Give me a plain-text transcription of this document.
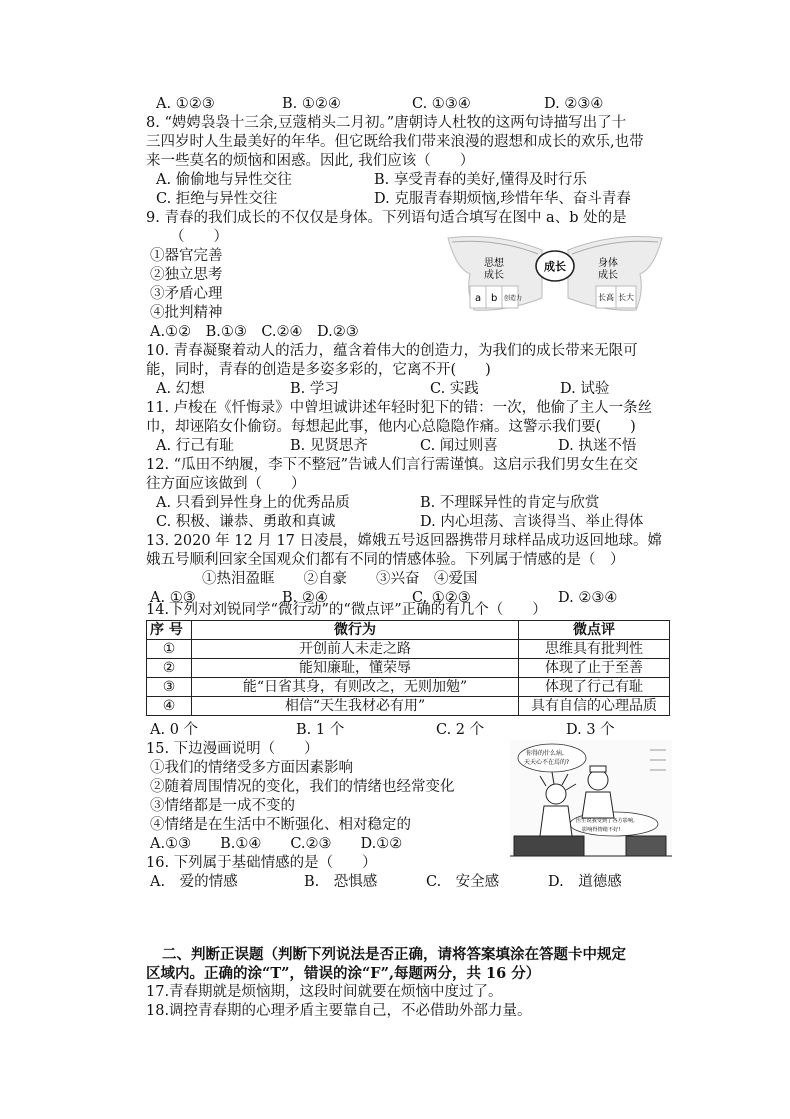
A. ①②③	B. ①②④	C. ①③④	D. ②③④
8. “娉娉袅袅十三余,豆蔻梢头二月初。”唐朝诗人杜牧的这两句诗描写出了十
三四岁时人生最美好的年华。但它既给我们带来浪漫的遐想和成长的欢乐,也带
来一些莫名的烦恼和困惑。因此, 我们应该（　　）
A. 偷偷地与异性交往	B. 享受青春的美好,懂得及时行乐
C. 拒绝与异性交往	D. 克服青春期烦恼,珍惜年华、奋斗青春
9. 青春的我们成长的不仅仅是身体。下列语句适合填写在图中 a、b 处的是
（　　）
①器官完善
②独立思考
③矛盾心理
④批判精神
A.①②　B.①③　C.②④　D.②③
成长
思想
成长
a b 创造力
身体
成长
长高 长大
10. 青春凝聚着动人的活力，蕴含着伟大的创造力，为我们的成长带来无限可
能，同时，青春的创造是多姿多彩的，它离不开(　　)
A. 幻想	B. 学习	C. 实践	D. 试验
11. 卢梭在《忏悔录》中曾坦诚讲述年轻时犯下的错：一次，他偷了主人一条丝
巾，却诬陷女仆偷窃。每想起此事，他内心总隐隐作痛。这警示我们要(　　)
A. 行己有耻	B. 见贤思齐	C. 闻过则喜	D. 执迷不悟
12. “瓜田不纳履，李下不整冠”告诫人们言行需谨慎。这启示我们男女生在交
往方面应该做到（　　）
A. 只看到异性身上的优秀品质	B. 不理睬异性的肯定与欣赏
C. 积极、谦恭、勇敢和真诚	D. 内心坦荡、言谈得当、举止得体
13. 2020 年 12 月 17 日凌晨，嫦娥五号返回器携带月球样品成功返回地球。嫦
娥五号顺利回家全国观众们都有不同的情感体验。下列属于情感的是（　）
①热泪盈眶　　②自豪　　③兴奋　④爱国
A. ①③	B. ②④	C. ①②③	D. ②③④
14.下列对刘锐同学“微行动”的“微点评”正确的有几个（　　）
序 号	微行为	微点评
①	开创前人未走之路	思维具有批判性
②	能知廉耻，懂荣辱	体现了止于至善
③	能“日省其身，有则改之，无则加勉”	体现了行己有耻
④	相信“天生我材必有用”	具有自信的心理品质
A. 0 个	B. 1 个	C. 2 个	D. 3 个
15. 下边漫画说明（　　）
①我们的情绪受多方面因素影响
②随着周围情况的变化，我们的情绪也经常变化
③情绪都是一成不变的
④情绪是在生活中不断强化、相对稳定的
A.①③　　B.①④　　C.②③　　D.①②
你得的什么病,
天天心不在焉的?
医生说我受到了各方影响,
影响得情绪不好!
16. 下列属于基础情感的是（　　）
A.　爱的情感	B.　恐惧感	C.　安全感	D.　道德感
二、判断正误题（判断下列说法是否正确，请将答案填涂在答题卡中规定
区域内。正确的涂“T”，错误的涂“F”,每题两分，共 16 分）
17.青春期就是烦恼期，这段时间就要在烦恼中度过了。
18.调控青春期的心理矛盾主要靠自己，不必借助外部力量。
